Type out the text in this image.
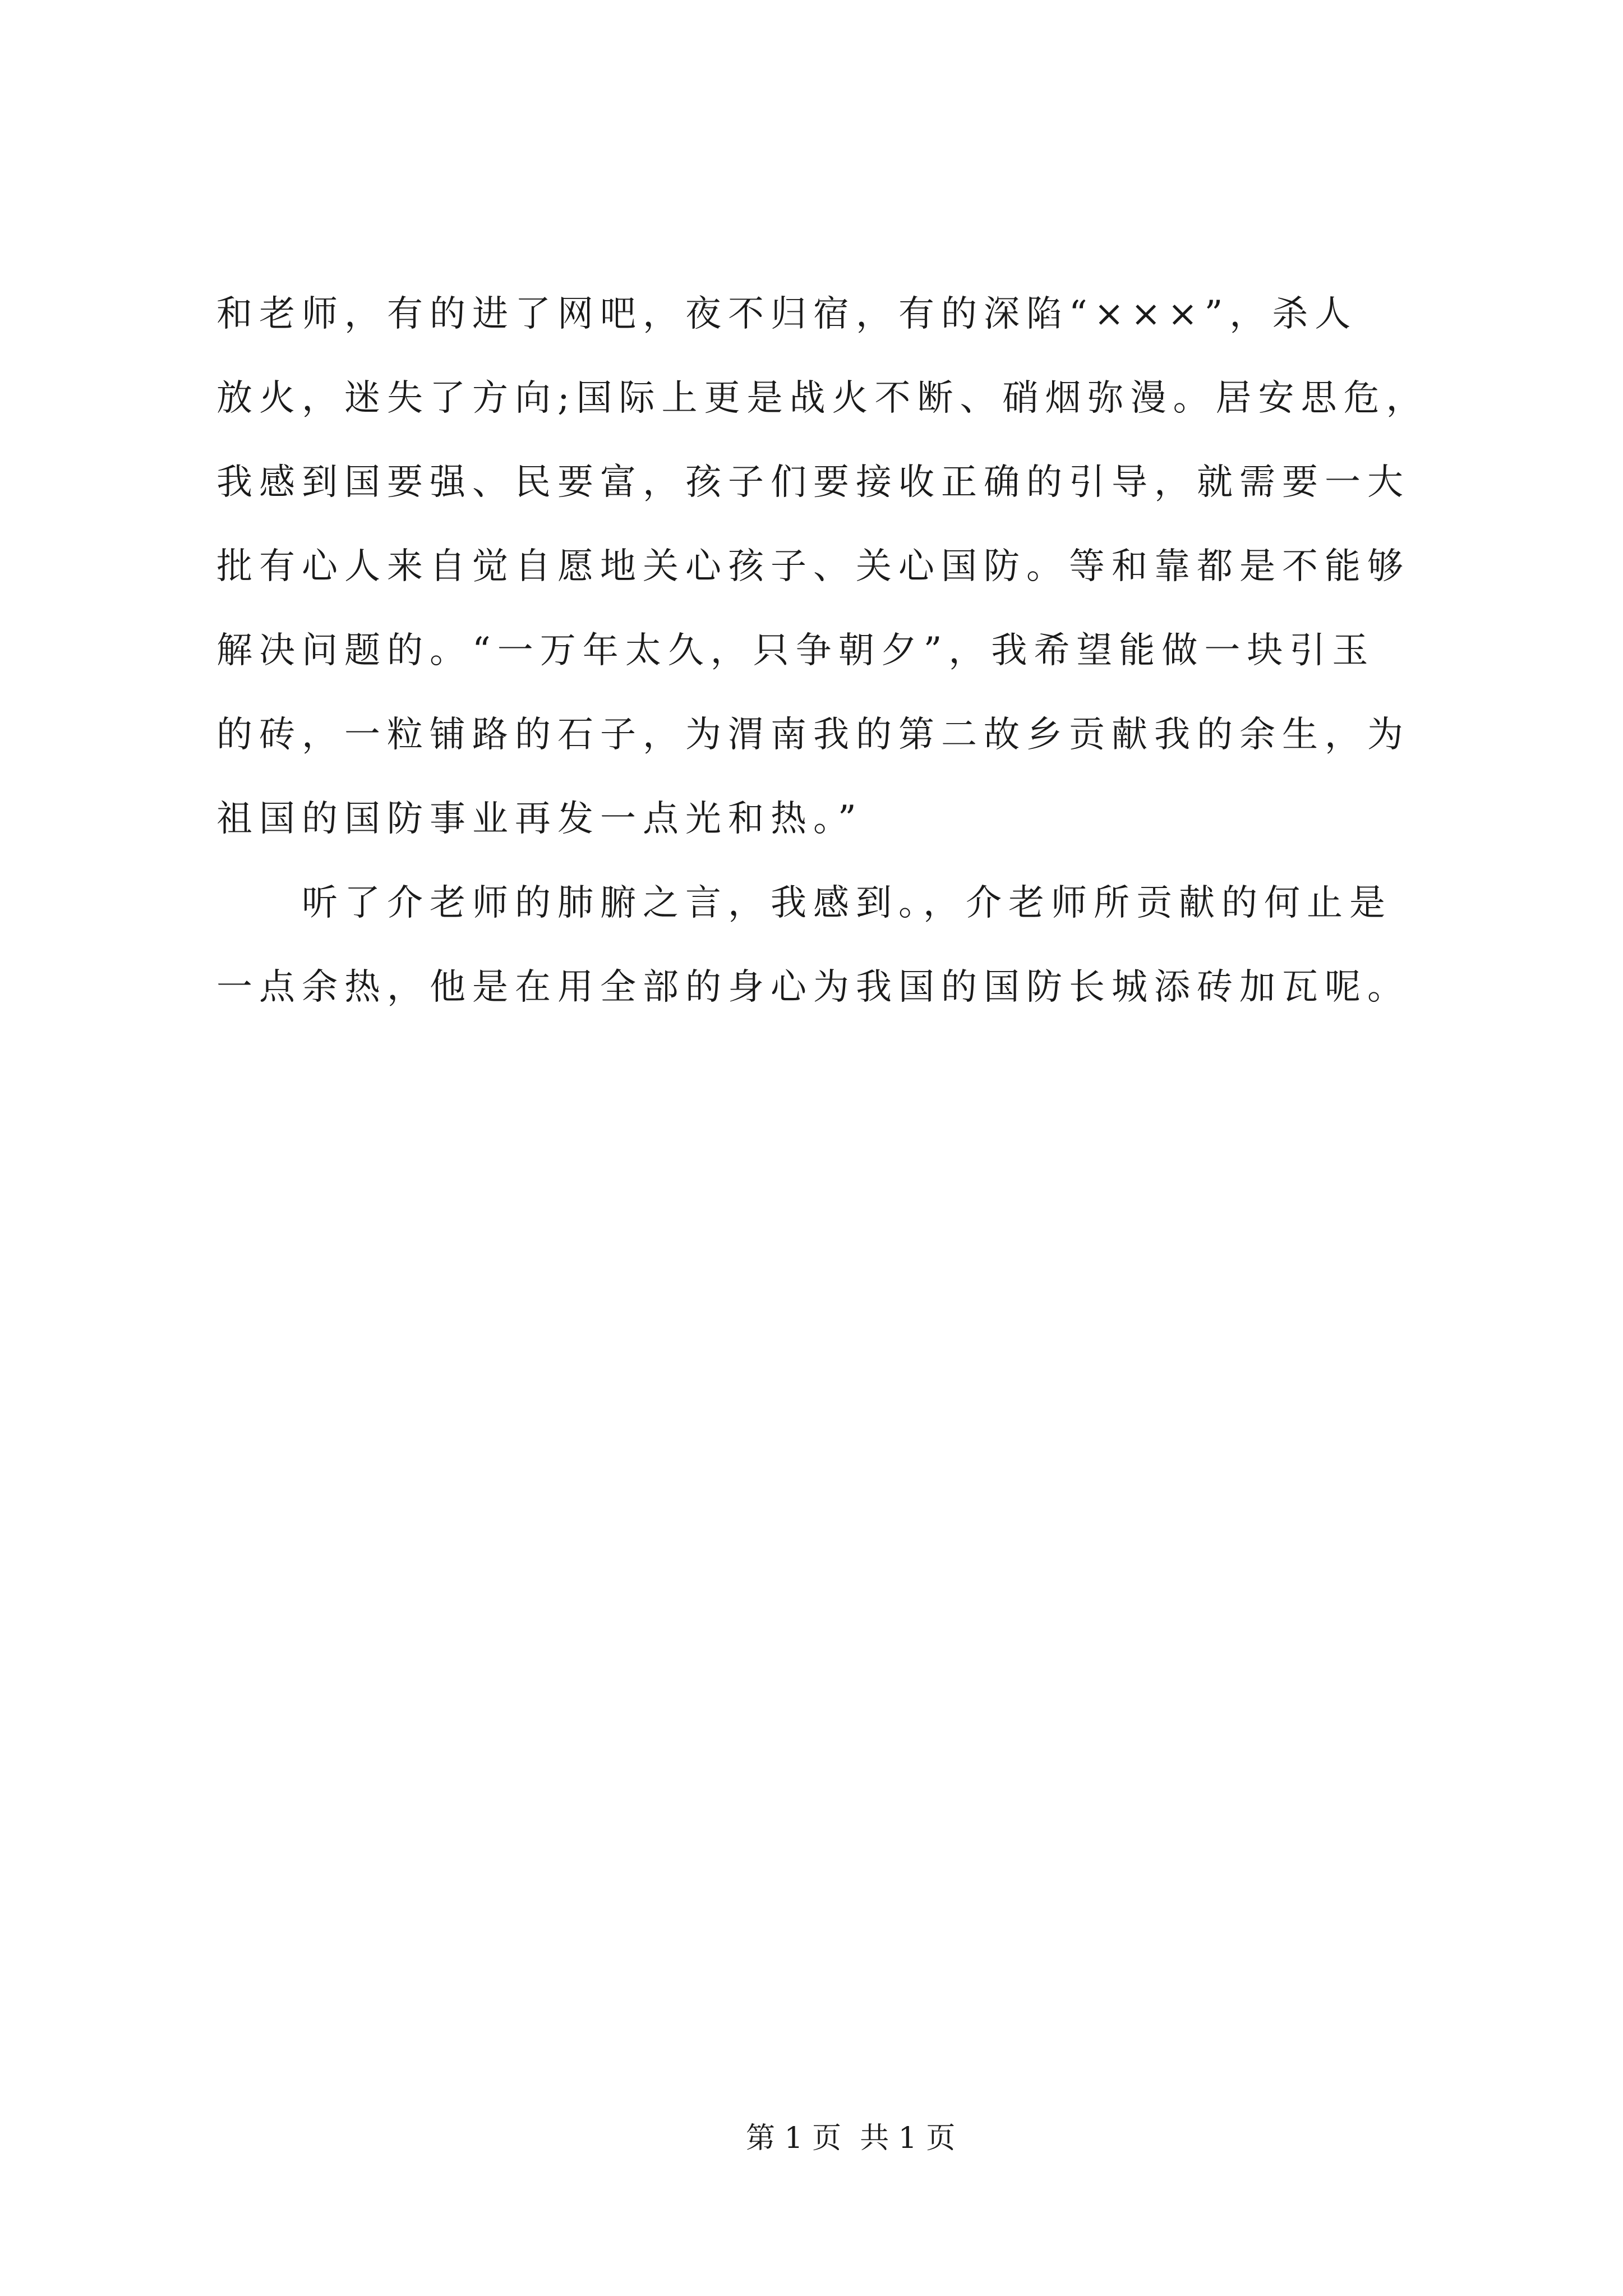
和老师，有的进了网吧，夜不归宿，有的深陷“×××”，杀人
放火，迷失了方向;国际上更是战火不断、硝烟弥漫。居安思危，
我感到国要强、民要富，孩子们要接收正确的引导，就需要一大
批有心人来自觉自愿地关心孩子、关心国防。等和靠都是不能够
解决问题的。“一万年太久，只争朝夕”，我希望能做一块引玉
的砖，一粒铺路的石子，为渭南我的第二故乡贡献我的余生，为
祖国的国防事业再发一点光和热。”
听了介老师的肺腑之言，我感到。，介老师所贡献的何止是
一点余热，他是在用全部的身心为我国的国防长城添砖加瓦呢。
第 1 页  共 1 页
